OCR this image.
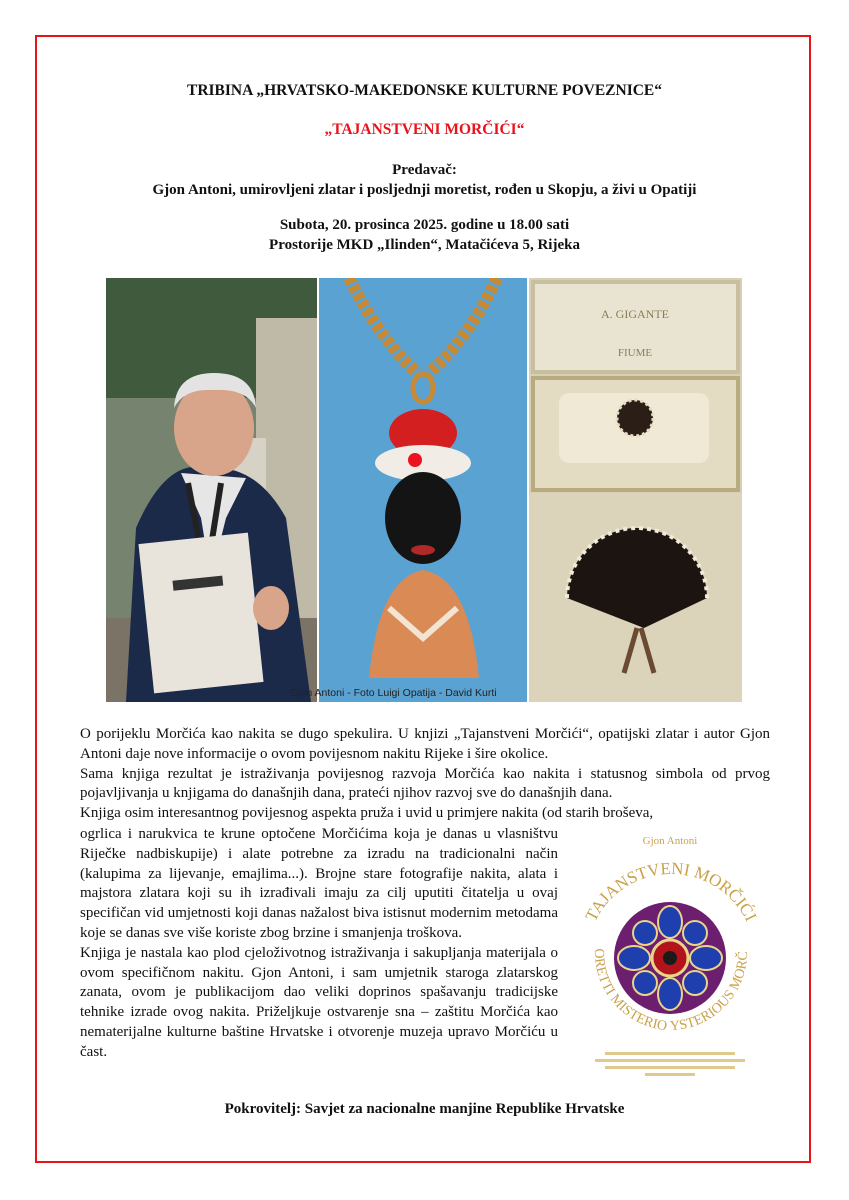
TRIBINA „HRVATSKO-MAKEDONSKE KULTURNE POVEZNICE“
„TAJANSTVENI MORČIĆI“
Predavač:
Gjon Antoni, umirovljeni zlatar i posljednji moretist, rođen u Skopju, a živi u Opatiji
Subota, 20. prosinca 2025. godine u 18.00 sati
Prostorije MKD „Ilinden“, Matačićeva 5, Rijeka
A. GIGANTE
FIUME
Gjon Antoni - Foto Luigi Opatija - David Kurti

O porijeklu Morčića kao nakita se dugo spekulira. U knjizi „Tajanstveni Morčići“, opatijski zlatar i autor Gjon Antoni daje nove informacije o ovom povijesnom nakitu Rijeke i šire okolice.

Sama knjiga rezultat je istraživanja povijesnog razvoja Morčića kao nakita i statusnog simbola od prvog pojavljivanja u knjigama do današnjih dana, prateći njihov razvoj sve do današnjih dana.

Knjiga osim interesantnog povijesnog aspekta pruža i uvid u primjere nakita (od starih broševa,

ogrlica i narukvica te krune optočene Morčićima koja je danas u vlasništvu Riječke nadbiskupije) i alate potrebne za izradu na tradicionalni način (kalupima za lijevanje, emajlima...). Brojne stare fotografije nakita, alata i majstora zlatara koji su ih izrađivali imaju za cilj uputiti čitatelja u ovaj specifičan vid umjetnosti koji danas nažalost biva istisnut modernim metodama koje se danas sve više koriste zbog brzine i smanjenja troškova.

Knjiga je nastala kao plod cjeloživotnog istraživanja i sakupljanja materijala o ovom specifičnom nakitu. Gjon Antoni, i sam umjetnik staroga zlatarskog zanata, ovom je publikacijom dao veliki doprinos spašavanju tradicijske tehnike izrade ovog nakita. Priželjkuje ostvarenje sna – zaštitu Morčića kao nematerijalne kulturne baštine Hrvatske i otvorenje muzeja upravo Morčiću u čast.

Gjon Antoni
TAJANSTVENI MORČIĆI
ORETTI MISTERIO YSTERIOUS MORČ
Pokrovitelj: Savjet za nacionalne manjine Republike Hrvatske
